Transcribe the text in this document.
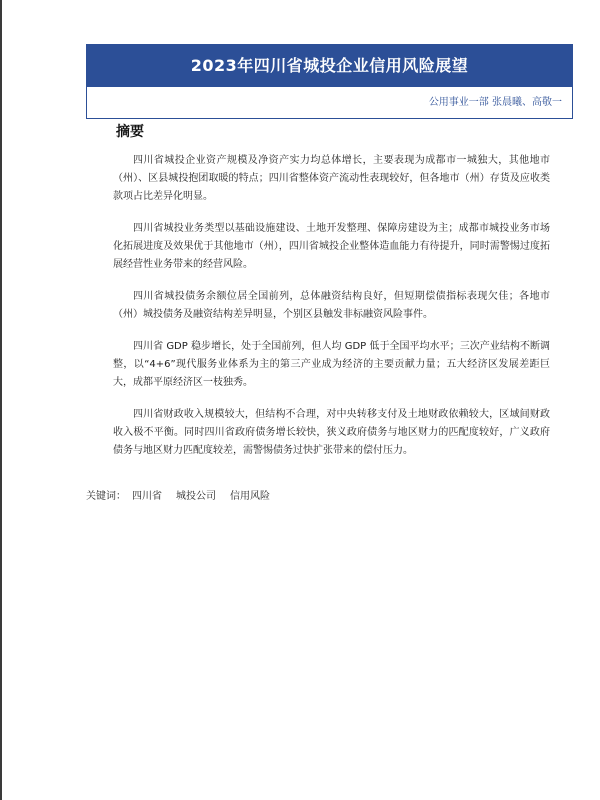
2023年四川省城投企业信用风险展望
公用事业一部 张晨曦、高敬一
摘要

四川省城投企业资产规模及净资产实力均总体增长，主要表现为成都市一城独大，其他地市（州）、区县城投抱团取暖的特点；四川省整体资产流动性表现较好，但各地市（州）存货及应收类款项占比差异化明显。

四川省城投业务类型以基础设施建设、土地开发整理、保障房建设为主；成都市城投业务市场化拓展进度及效果优于其他地市（州），四川省城投企业整体造血能力有待提升，同时需警惕过度拓展经营性业务带来的经营风险。

四川省城投债务余额位居全国前列，总体融资结构良好，但短期偿债指标表现欠佳；各地市（州）城投债务及融资结构差异明显，个别区县触发非标融资风险事件。

四川省 GDP 稳步增长，处于全国前列，但人均 GDP 低于全国平均水平；三次产业结构不断调整，以“4+6”现代服务业体系为主的第三产业成为经济的主要贡献力量；五大经济区发展差距巨大，成都平原经济区一枝独秀。

四川省财政收入规模较大，但结构不合理，对中央转移支付及土地财政依赖较大，区域间财政收入极不平衡。同时四川省政府债务增长较快，狭义政府债务与地区财力的匹配度较好，广义政府债务与地区财力匹配度较差，需警惕债务过快扩张带来的偿付压力。

关键词： 四川省 城投公司 信用风险
